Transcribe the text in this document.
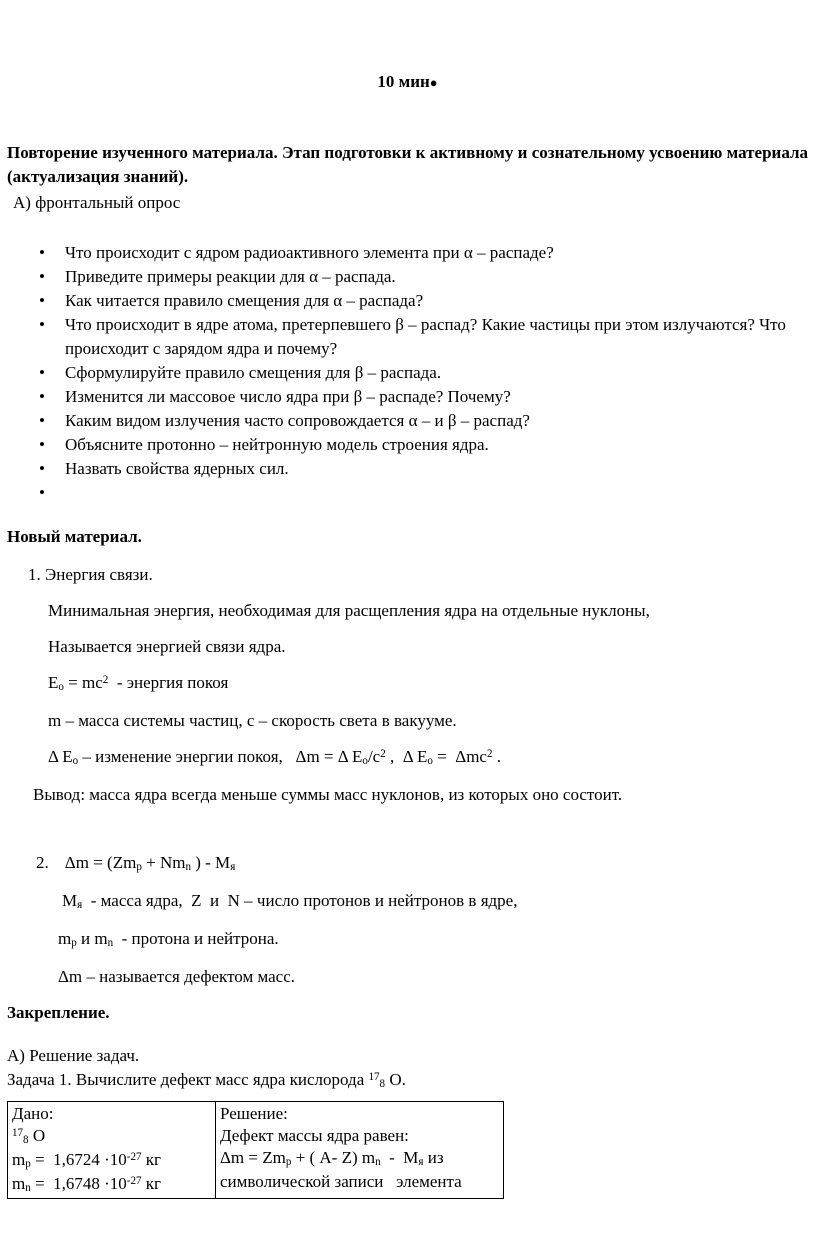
10 мин●

Повторение изученного материала. Этап подготовки к активному и сознательному усвоению материала (актуализация знаний).

А) фронтальный опрос

• Что происходит с ядром радиоактивного элемента при α – распаде?
• Приведите примеры реакции для α – распада.
• Как читается правило смещения для α – распада?
• Что происходит в ядре атома, претерпевшего β – распад? Какие частицы при этом излучаются? Что происходит с зарядом ядра и почему?
• Сформулируйте правило смещения для β – распада.
• Изменится ли массовое число ядра при β – распаде? Почему?
• Каким видом излучения часто сопровождается α – и β – распад?
• Объясните протонно – нейтронную модель строения ядра.
• Назвать свойства ядерных сил.
•

Новый материал.

1. Энергия связи.

Минимальная энергия, необходимая для расщепления ядра на отдельные нуклоны,

Называется энергией связи ядра.

$Е_о = mc^2$  - энергия покоя

m – масса системы частиц, с – скорость света в вакууме.

Δ $Е_о$ – изменение энергии покоя,   Δm = Δ $Е_о/c^2$ ,  Δ $Е_о = \Delta mc^2$ .

Вывод: масса ядра всегда меньше суммы масс нуклонов, из которых оно состоит.

2.    $\Delta m = (Zm_p + Nm_n$ ) - $М_я$

$М_я$  - масса ядра,  Z  и  N – число протонов и нейтронов в ядре,

$m_p$ и $m_n$  - протона и нейтрона.

Δm – называется дефектом масс.

Закрепление.

А) Решение задач.

Задача 1. Вычислите дефект масс ядра кислорода $^{17}_8$ О.

Дано:
$^{17}_8$ О
$m_p = 1,6724 \cdot 10^{-27}$ кг
$m_n = 1,6748 \cdot 10^{-27}$ кг

Решение:
Дефект массы ядра равен:
$\Delta m = Zm_p$ + ( А- Z) $m_n - М_я$ из символической записи   элемента
